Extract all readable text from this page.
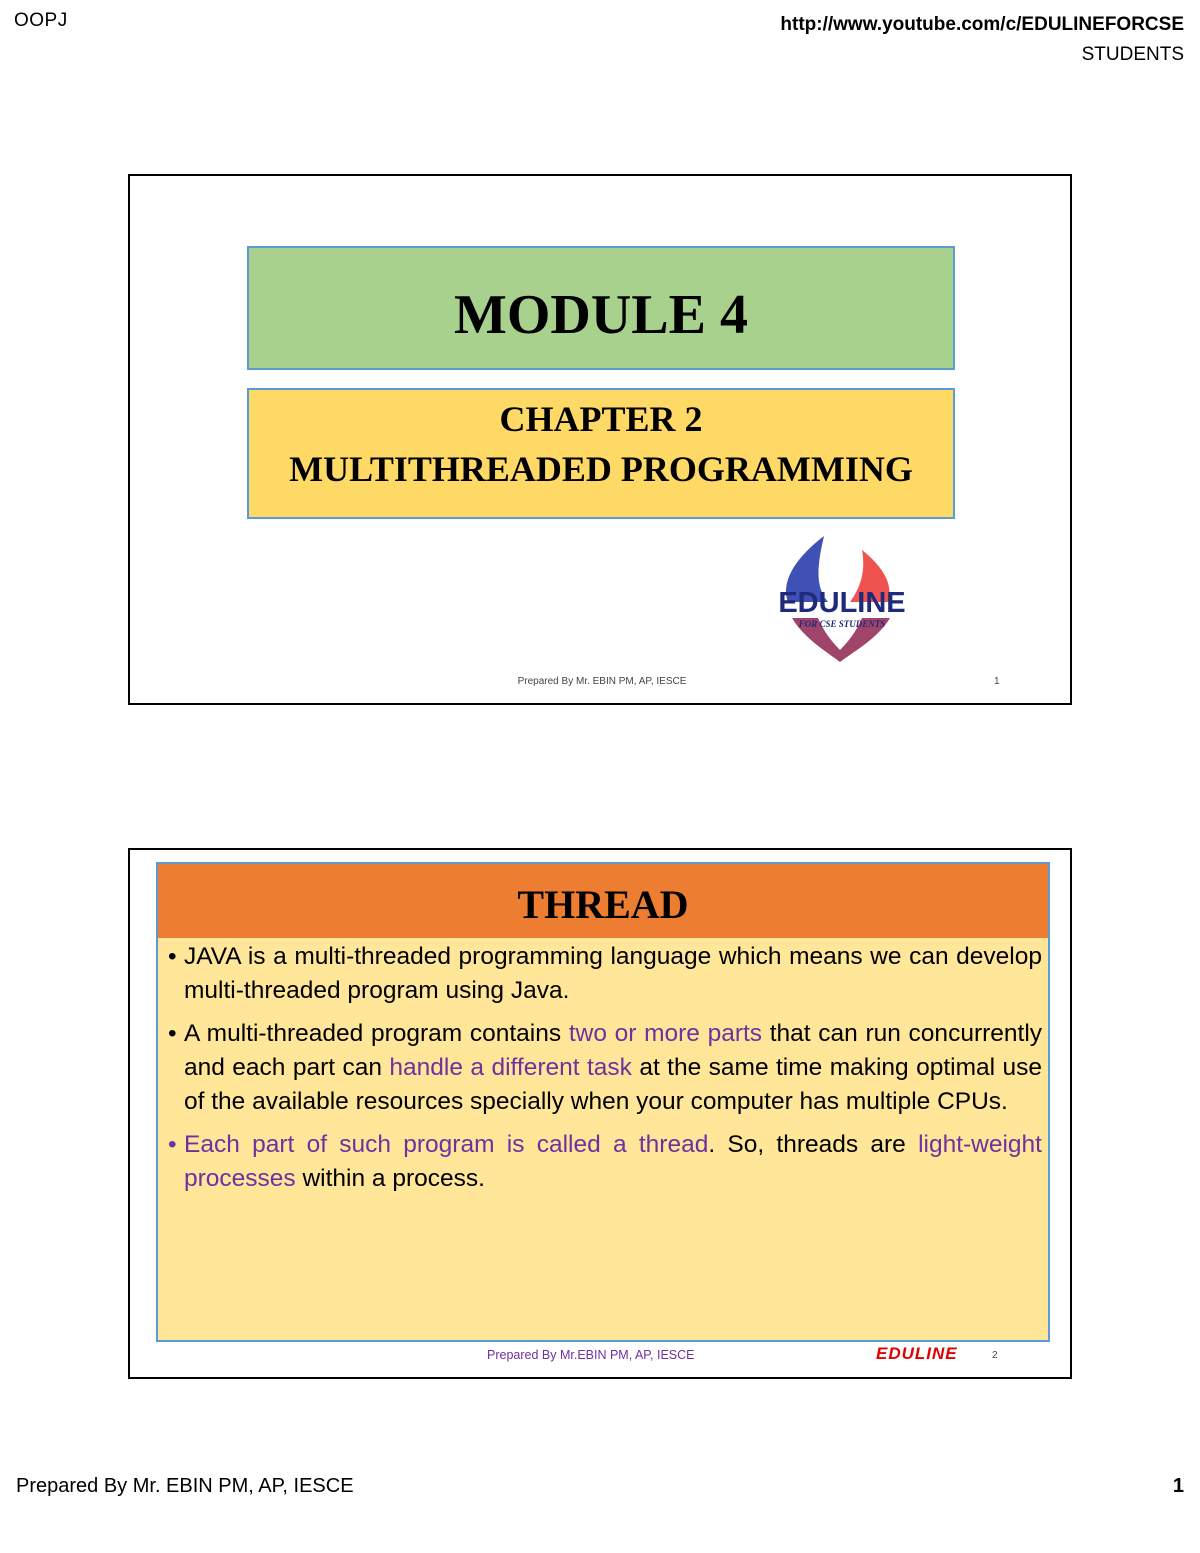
OOPJ	http://www.youtube.com/c/EDULINEFORCSE
STUDENTS
MODULE 4
CHAPTER 2
MULTITHREADED PROGRAMMING
EDULINE
FOR CSE STUDENTS
Prepared By Mr. EBIN PM, AP, IESCE	1
THREAD
• JAVA is a multi-threaded programming language which means we can develop multi-threaded program using Java.
• A multi-threaded program contains two or more parts that can run concurrently and each part can handle a different task at the same time making optimal use of the available resources specially when your computer has multiple CPUs.
• Each part of such program is called a thread. So, threads are light-weight processes within a process.
Prepared By Mr.EBIN PM, AP, IESCE	EDULINE	2
Prepared By Mr. EBIN PM, AP, IESCE	1
